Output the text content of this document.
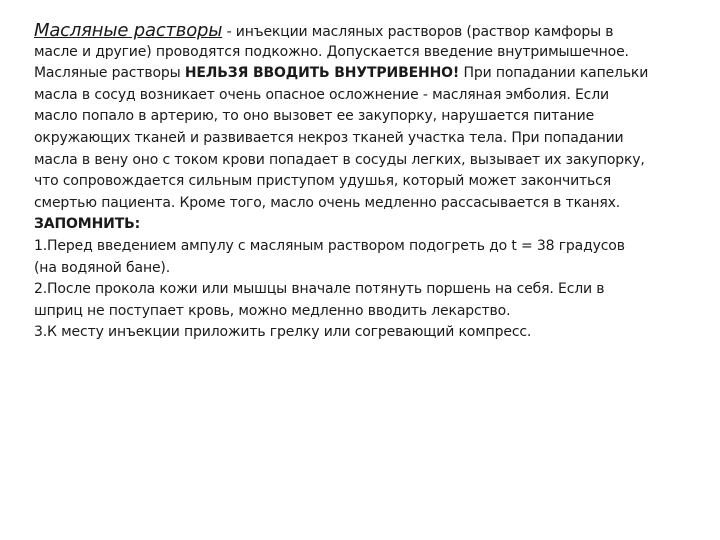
Масляные растворы - инъекции масляных растворов (раствор камфоры в
масле и другие) проводятся подкожно. Допускается введение внутримышечное.
Масляные растворы НЕЛЬЗЯ ВВОДИТЬ ВНУТРИВЕННО! При попадании капельки
масла в сосуд возникает очень опасное осложнение - масляная эмболия. Если
масло попало в артерию, то оно вызовет ее закупорку, нарушается питание
окружающих тканей и развивается некроз тканей участка тела. При попадании
масла в вену оно с током крови попадает в сосуды легких, вызывает их закупорку,
что сопровождается сильным приступом удушья, который может закончиться
смертью пациента. Кроме того, масло очень медленно рассасывается в тканях.
ЗАПОМНИТЬ:
1.Перед введением ампулу с масляным раствором подогреть до t = 38 градусов
(на водяной бане).
2.После прокола кожи или мышцы вначале потянуть поршень на себя. Если в
шприц не поступает кровь, можно медленно вводить лекарство.
3.К месту инъекции приложить грелку или согревающий компресс.
